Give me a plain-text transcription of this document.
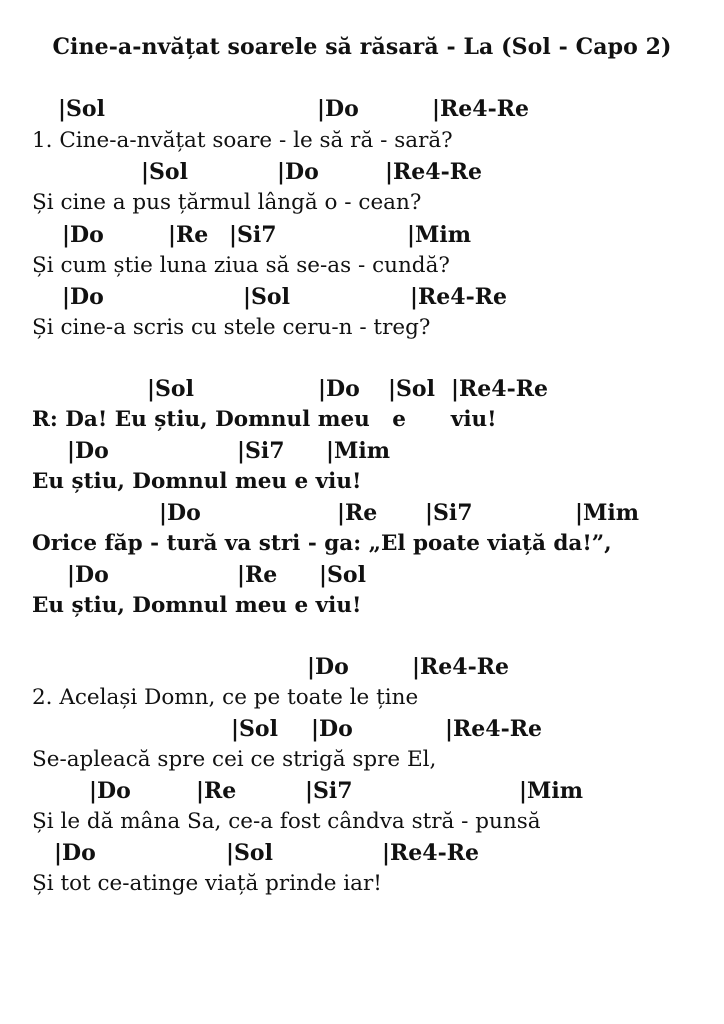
Cine-a-nvățat soarele să răsară - La (Sol - Capo 2)

|Sol

	|Do

	|Re4-Re

1. Cine-a-nvățat soare - le să ră - sară?

|Sol

	|Do

	|Re4-Re

Și cine a pus țărmul lângă o - cean?

|Do

	|Re

|Si7

	|Mim

Și cum știe luna ziua să se-as - cundă?

|Do

	|Sol

	|Re4-Re

Și cine-a scris cu stele ceru-n - treg?

|Sol

	|Do

|Sol

|Re4-Re

R: Da! Eu știu, Domnul meu   e      viu!

|Do

	|Si7

|Mim

Eu știu, Domnul meu e viu!

|Do

	|Re

|Si7

	|Mim

Orice făp - tură va stri - ga: „El poate viață da!”,

|Do

	|Re

|Sol

Eu știu, Domnul meu e viu!

|Do

	|Re4-Re

2. Același Domn, ce pe toate le ține

|Sol

|Do

	|Re4-Re

Se-apleacă spre cei ce strigă spre El,

|Do

	|Re

	|Si7

	|Mim

Și le dă mâna Sa, ce-a fost cândva stră - punsă

|Do

	|Sol

	|Re4-Re

Și tot ce-atinge viață prinde iar!
